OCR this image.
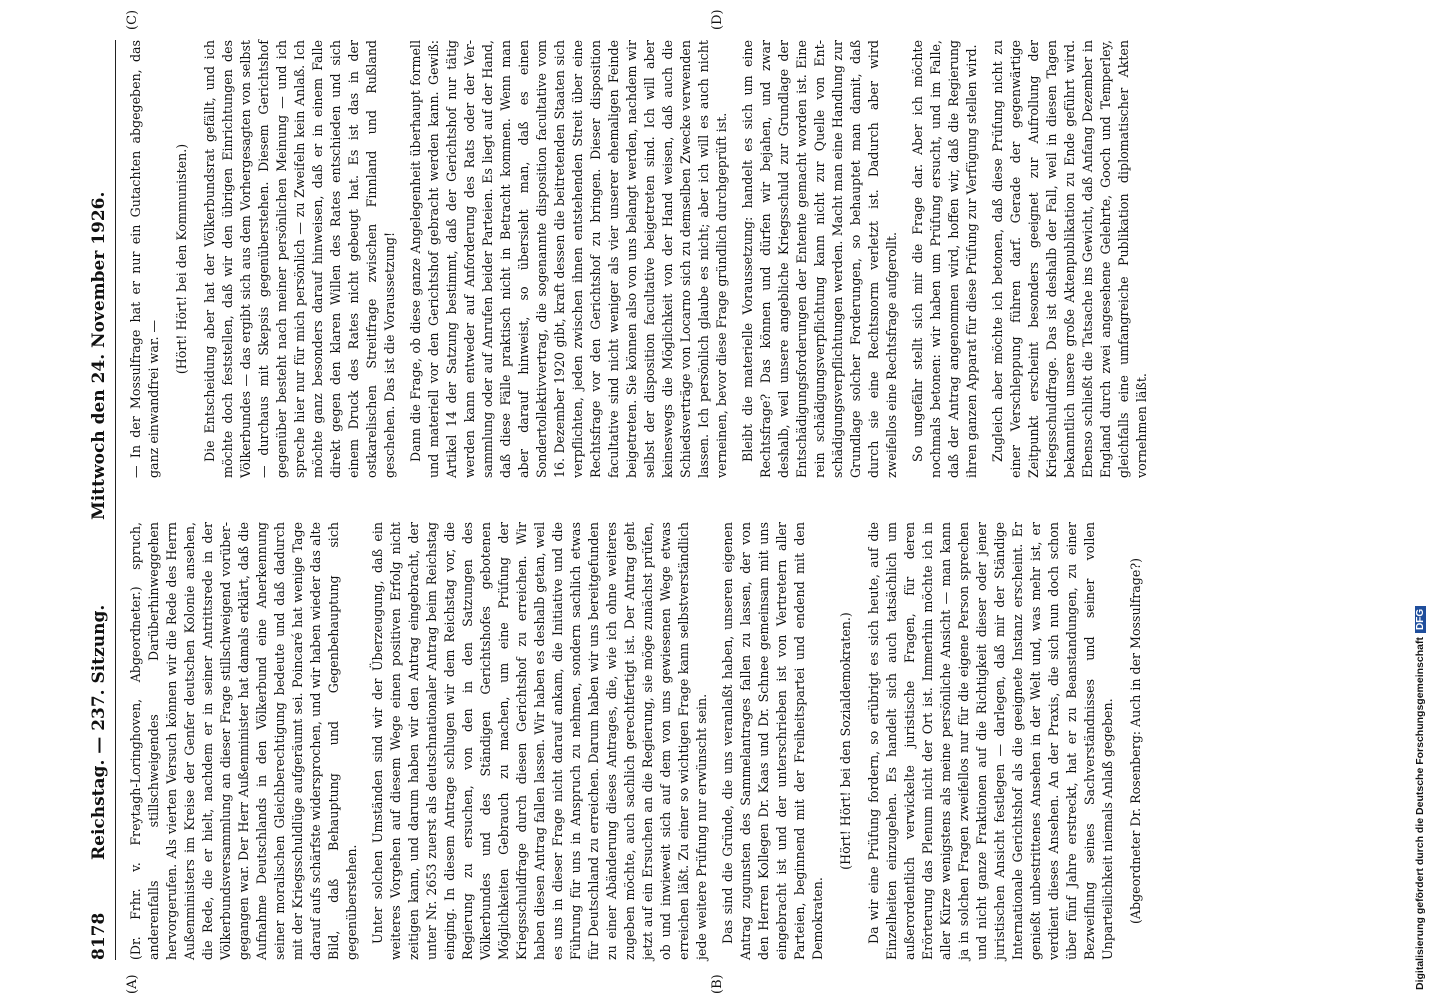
8178
Reichstag. — 237. Sitzung.
Mittwoch den 24. November 1926.
(A)	(B)
(C)	(D)

(Dr. Frhr. v. Freytagh-Loringhoven, Abgeordneter.) spruch, anderenfalls stillschweigendes Darüberhinweggehen hervorgerufen. Als vierten Versuch können wir die Rede des Herrn Außenministers im Kreise der Genfer deutschen Kolonie ansehen, die Rede, die er hielt, nachdem er in seiner Antrittsrede in der Völkerbundsversammlung an dieser Frage stillschweigend vorübergegangen war. Der Herr Außenminister hat damals erklärt, daß die Aufnahme Deutschlands in den Völkerbund eine Anerkennung seiner moralischen Gleichberechtigung bedeute und daß dadurch mit der Kriegsschuldlüge aufgeräumt sei. Poincaré hat wenige Tage darauf aufs schärfste widersprochen, und wir haben wieder das alte Bild, daß Behauptung und Gegenbehauptung sich gegenüberstehen. Unter solchen Umständen sind wir der Überzeugung, daß ein weiteres Vorgehen auf diesem Wege einen positiven Erfolg nicht zeitigen kann, und darum haben wir den Antrag eingebracht, der unter Nr. 2653 zuerst als deutschnationaler Antrag beim Reichstag einging. In diesem Antrage schlugen wir dem Reichstag vor, die Regierung zu ersuchen, von den in den Satzungen des Völkerbundes und des Ständigen Gerichtshofes gebotenen Möglichkeiten Gebrauch zu machen, um eine Prüfung der Kriegsschuldfrage durch diesen Gerichtshof zu erreichen. Wir haben diesen Antrag fallen lassen. Wir haben es deshalb getan, weil es uns in dieser Frage nicht darauf ankam, die Initiative und die Führung für uns in Anspruch zu nehmen, sondern sachlich etwas für Deutschland zu erreichen. Darum haben wir uns bereitgefunden zu einer Abänderung dieses Antrages, die, wie ich ohne weiteres zugeben möchte, auch sachlich gerechtfertigt ist. Der Antrag geht jetzt auf ein Ersuchen an die Regierung, sie möge zunächst prüfen, ob und inwieweit sich auf dem von uns gewiesenen Wege etwas erreichen läßt. Zu einer so wichtigen Frage kann selbstverständlich jede weitere Prüfung nur erwünscht sein. Das sind die Gründe, die uns veranlaßt haben, unseren eigenen Antrag zugunsten des Sammelantrages fallen zu lassen, der von den Herren Kollegen Dr. Kaas und Dr. Schnee gemeinsam mit uns eingebracht ist und der unterschrieben ist von Vertretern aller Parteien, beginnend mit der Freiheitspartei und endend mit den Demokraten.

(Hört! Hört! bei den Sozialdemokraten.) Da wir eine Prüfung fordern, so erübrigt es sich heute, auf die Einzelheiten einzugehen. Es handelt sich auch tatsächlich um außerordentlich verwickelte juristische Fragen, für deren Erörterung das Plenum nicht der Ort ist. Immerhin möchte ich in aller Kürze wenigstens als meine persönliche Ansicht — man kann ja in solchen Fragen zweifellos nur für die eigene Person sprechen und nicht ganze Fraktionen auf die Richtigkeit dieser oder jener juristischen Ansicht festlegen — darlegen, daß mir der Ständige Internationale Gerichtshof als die geeignete Instanz erscheint. Er genießt unbestrittenes Ansehen in der Welt und, was mehr ist, er verdient dieses Ansehen. An der Praxis, die sich nun doch schon über fünf Jahre erstreckt, hat er zu Beanstandungen, zu einer Bezweiflung seines Sachverständnisses und seiner vollen Unparteilichkeit niemals Anlaß gegeben. (Abgeordneter Dr. Rosenberg: Auch in der Mossulfrage?)

— In der Mossulfrage hat er nur ein Gutachten abgegeben, das ganz einwandfrei war. —

(Hört! Hört! bei den Kommunisten.) Die Entscheidung aber hat der Völkerbundsrat gefällt, und ich möchte doch feststellen, daß wir den übrigen Einrichtungen des Völkerbundes — das ergibt sich aus dem Vorhergesagten von selbst — durchaus mit Skepsis gegenüberstehen. Diesem Gerichtshof gegenüber besteht nach meiner persönlichen Meinung — und ich spreche hier nur für mich persönlich — zu Zweifeln kein Anlaß. Ich möchte ganz besonders darauf hinweisen, daß er in einem Falle direkt gegen den klaren Willen des Rates entschieden und sich einem Druck des Rates nicht gebeugt hat. Es ist das in der ostkarelischen Streitfrage zwischen Finnland und Rußland geschehen. Das ist die Voraussetzung! Dann die Frage, ob diese ganze Angelegenheit überhaupt formell und materiell vor den Gerichtshof gebracht werden kann. Gewiß: Artikel 14 der Satzung bestimmt, daß der Gerichtshof nur tätig werden kann entweder auf Anforderung des Rats oder der Versammlung oder auf Anrufen beider Parteien. Es liegt auf der Hand, daß diese Fälle praktisch nicht in Betracht kommen. Wenn man aber darauf hinweist, so übersieht man, daß es einen Sondertollektivvertrag, die sogenannte disposition facultative vom 16. Dezember 1920 gibt, kraft dessen die beitretenden Staaten sich verpflichten, jeden zwischen ihnen entstehenden Streit über eine Rechtsfrage vor den Gerichtshof zu bringen. Dieser disposition facultative sind nicht weniger als vier unserer ehemaligen Feinde beigetreten. Sie können also von uns belangt werden, nachdem wir selbst der disposition facultative beigetreten sind. Ich will aber keineswegs die Möglichkeit von der Hand weisen, daß auch die Schiedsverträge von Locarno sich zu demselben Zwecke verwenden lassen. Ich persönlich glaube es nicht; aber ich will es auch nicht verneinen, bevor diese Frage gründlich durchgeprüft ist. Bleibt die materielle Voraussetzung: handelt es sich um eine Rechtsfrage? Das können und dürfen wir bejahen, und zwar deshalb, weil unsere angebliche Kriegsschuld zur Grundlage der Entschädigungsforderungen der Entente gemacht worden ist. Eine rein schädigungsverpflichtung kann nicht zur Quelle von Entschädigungsverpflichtungen werden. Macht man eine Handlung zur Grundlage solcher Forderungen, so behauptet man damit, daß durch sie eine Rechtsnorm verletzt ist. Dadurch aber wird zweifellos eine Rechtsfrage aufgerollt. So ungefähr stellt sich mir die Frage dar. Aber ich möchte nochmals betonen: wir haben um Prüfung ersucht, und im Falle, daß der Antrag angenommen wird, hoffen wir, daß die Regierung ihren ganzen Apparat für diese Prüfung zur Verfügung stellen wird. Zugleich aber möchte ich betonen, daß diese Prüfung nicht zu einer Verschleppung führen darf. Gerade der gegenwärtige Zeitpunkt erscheint besonders geeignet zur Aufrollung der Kriegsschuldfrage. Das ist deshalb der Fall, weil in diesen Tagen bekanntlich unsere große Aktenpublikation zu Ende geführt wird. Ebenso schließt die Tatsache ins Gewicht, daß Anfang Dezember in England durch zwei angesehene Gelehrte, Gooch und Temperley, gleichfalls eine umfangreiche Publikation diplomatischer Akten vornehmen läßt.

Digitalisierung gefördert durch die Deutsche ForschungsgemeinschaftDFG
